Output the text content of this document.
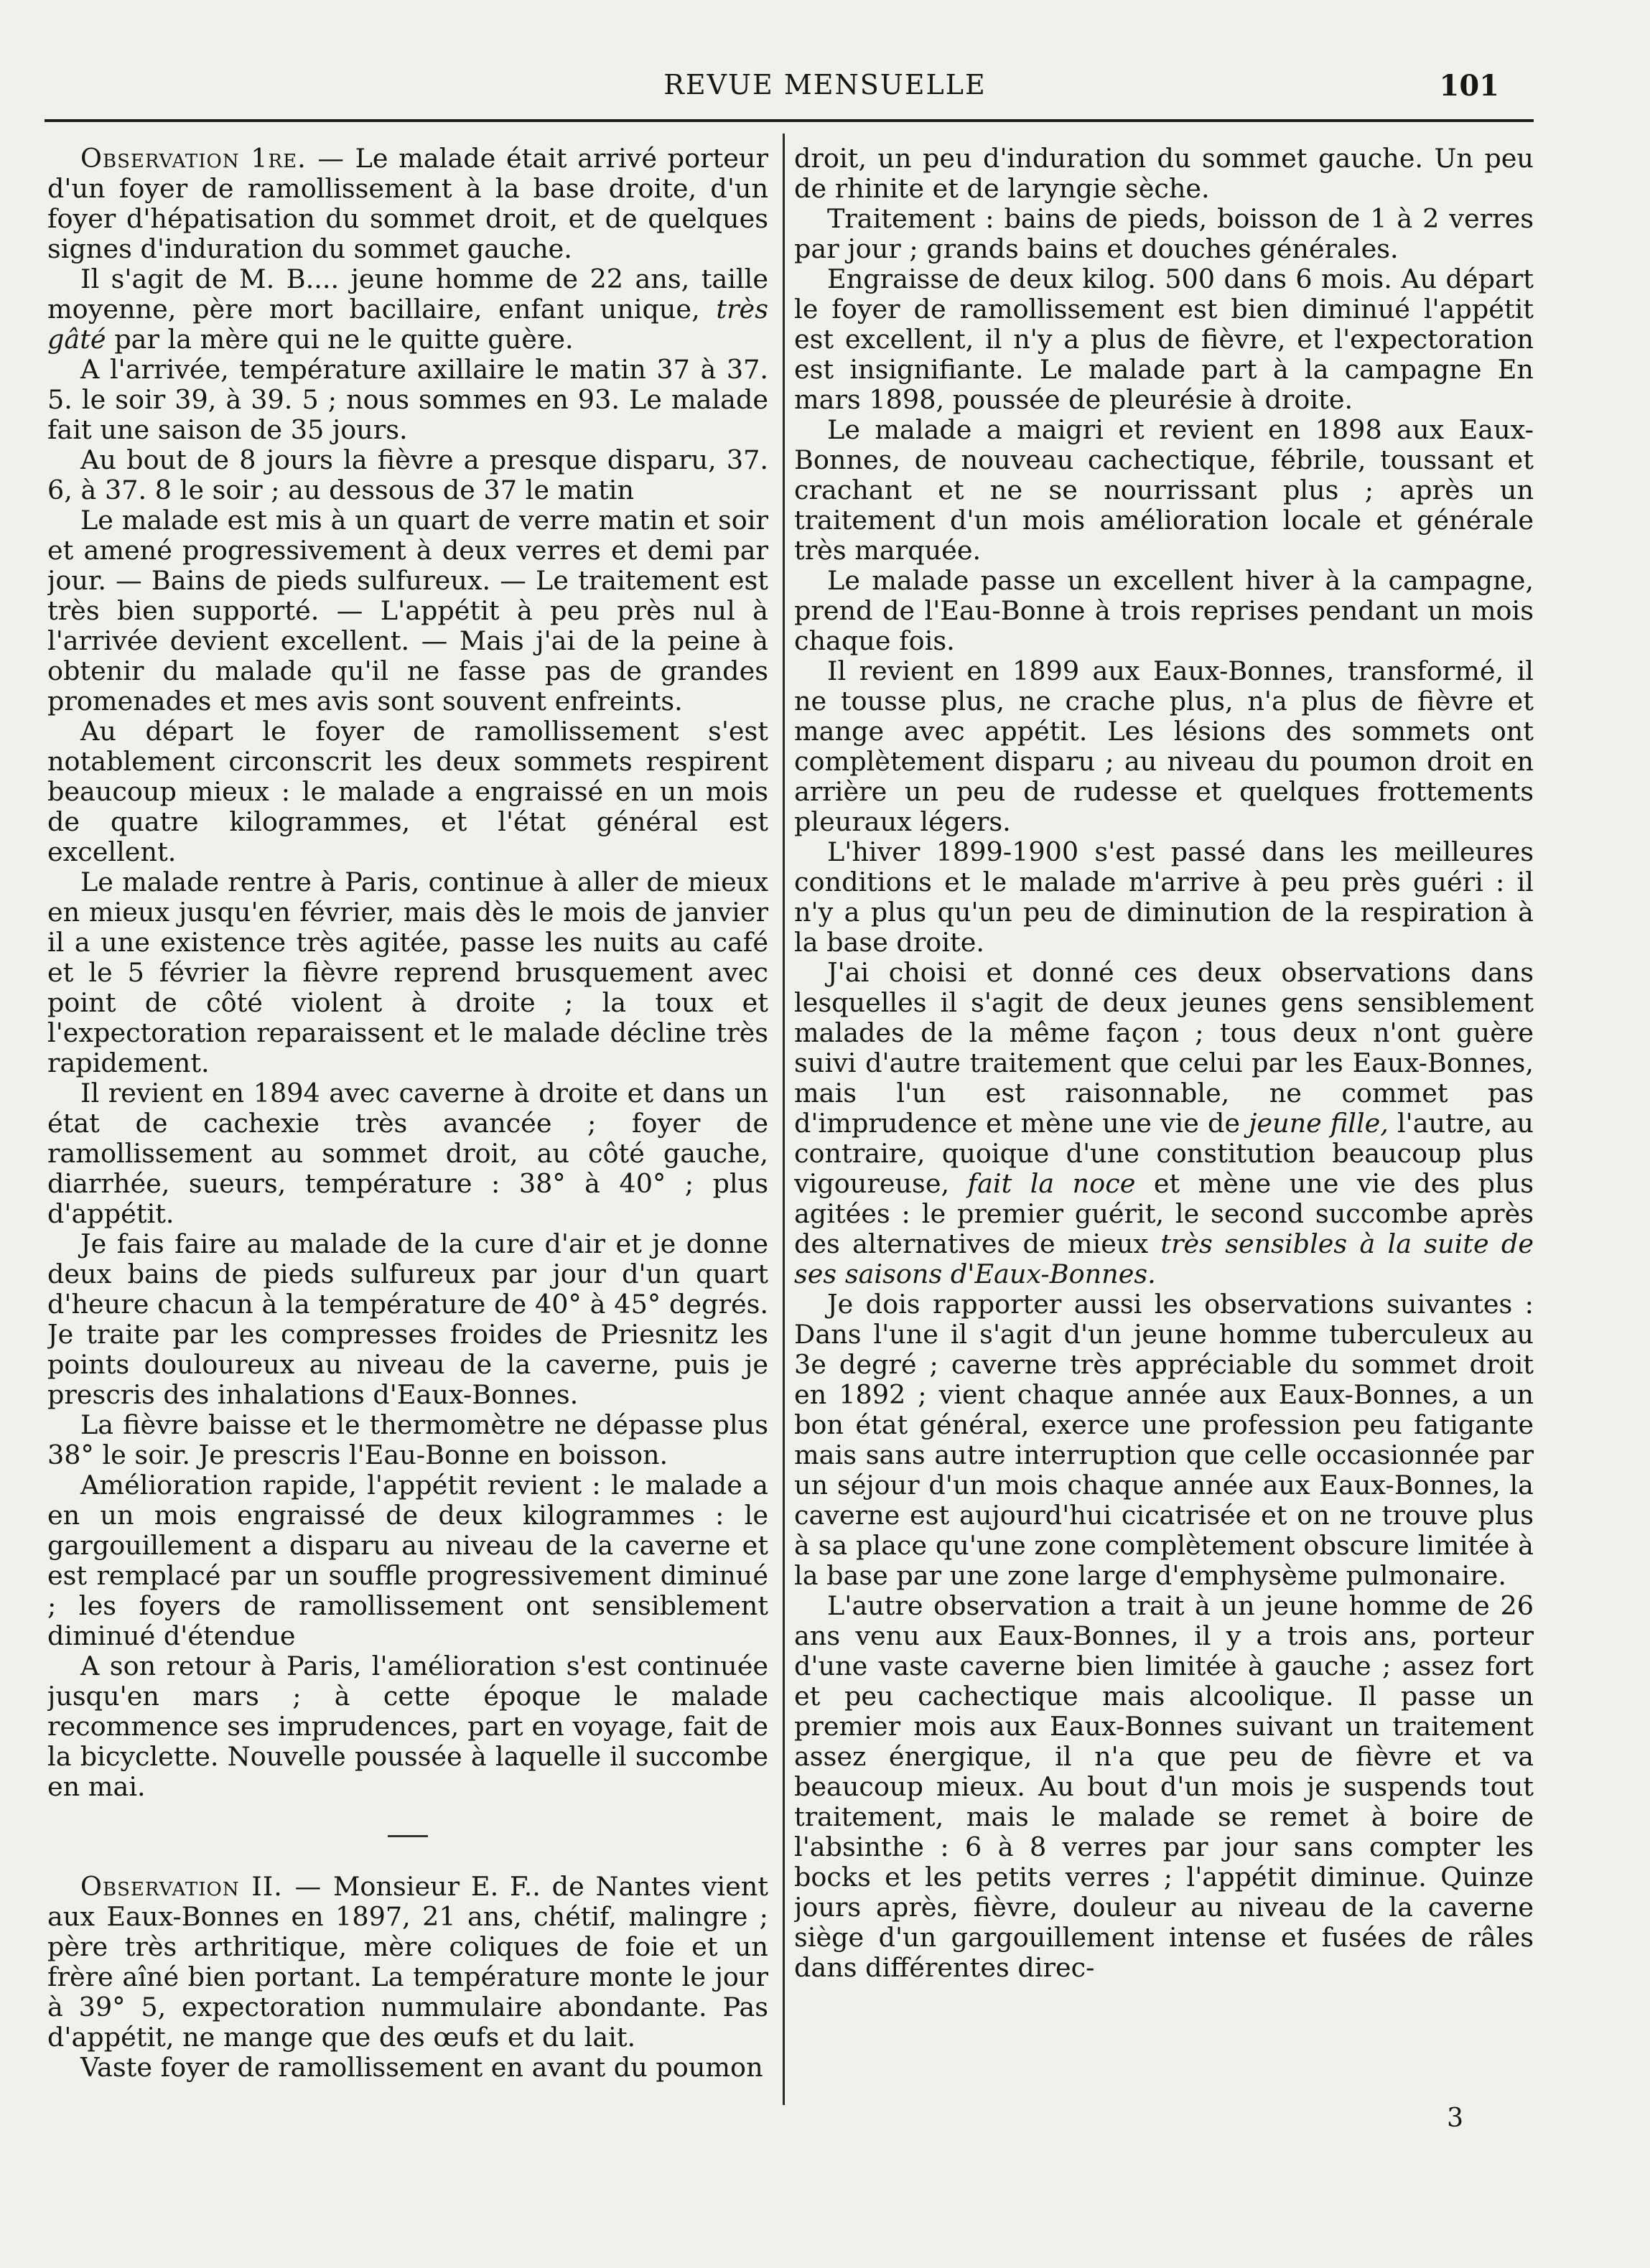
REVUE MENSUELLE	101

Observation 1re. — Le malade était arrivé porteur d'un foyer de ramollissement à la base droite, d'un foyer d'hépatisation du sommet droit, et de quelques signes d'induration du sommet gauche.

Il s'agit de M. B.... jeune homme de 22 ans, taille moyenne, père mort bacillaire, enfant unique, très gâté par la mère qui ne le quitte guère.

A l'arrivée, température axillaire le matin 37 à 37. 5. le soir 39, à 39. 5 ; nous sommes en 93. Le malade fait une saison de 35 jours.

Au bout de 8 jours la fièvre a presque disparu, 37. 6, à 37. 8 le soir ; au dessous de 37 le matin

Le malade est mis à un quart de verre matin et soir et amené progressivement à deux verres et demi par jour. — Bains de pieds sulfureux. — Le traitement est très bien supporté. — L'appétit à peu près nul à l'arrivée devient excellent. — Mais j'ai de la peine à obtenir du malade qu'il ne fasse pas de grandes promenades et mes avis sont souvent enfreints.

Au départ le foyer de ramollissement s'est notablement circonscrit les deux sommets respirent beaucoup mieux : le malade a engraissé en un mois de quatre kilogrammes, et l'état général est excellent.

Le malade rentre à Paris, continue à aller de mieux en mieux jusqu'en février, mais dès le mois de janvier il a une existence très agitée, passe les nuits au café et le 5 février la fièvre reprend brusquement avec point de côté violent à droite ; la toux et l'expectoration reparaissent et le malade décline très rapidement.

Il revient en 1894 avec caverne à droite et dans un état de cachexie très avancée ; foyer de ramollissement au sommet droit, au côté gauche, diarrhée, sueurs, température : 38° à 40° ; plus d'appétit.

Je fais faire au malade de la cure d'air et je donne deux bains de pieds sulfureux par jour d'un quart d'heure chacun à la température de 40° à 45° degrés. Je traite par les compresses froides de Priesnitz les points douloureux au niveau de la caverne, puis je prescris des inhalations d'Eaux-Bonnes.

La fièvre baisse et le thermomètre ne dépasse plus 38° le soir. Je prescris l'Eau-Bonne en boisson.

Amélioration rapide, l'appétit revient : le malade a en un mois engraissé de deux kilogrammes : le gargouillement a disparu au niveau de la caverne et est remplacé par un souffle progressivement diminué ; les foyers de ramollissement ont sensiblement diminué d'étendue

A son retour à Paris, l'amélioration s'est continuée jusqu'en mars ; à cette époque le malade recommence ses imprudences, part en voyage, fait de la bicyclette. Nouvelle poussée à laquelle il succombe en mai.

Observation II. — Monsieur E. F.. de Nantes vient aux Eaux-Bonnes en 1897, 21 ans, chétif, malingre ; père très arthritique, mère coliques de foie et un frère aîné bien portant. La température monte le jour à 39° 5, expectoration nummulaire abondante. Pas d'appétit, ne mange que des œufs et du lait.

Vaste foyer de ramollissement en avant du poumon

droit, un peu d'induration du sommet gauche. Un peu de rhinite et de laryngie sèche.

Traitement : bains de pieds, boisson de 1 à 2 verres par jour ; grands bains et douches générales.

Engraisse de deux kilog. 500 dans 6 mois. Au départ le foyer de ramollissement est bien diminué l'appétit est excellent, il n'y a plus de fièvre, et l'expectoration est insignifiante. Le malade part à la campagne En mars 1898, poussée de pleurésie à droite.

Le malade a maigri et revient en 1898 aux Eaux-Bonnes, de nouveau cachectique, fébrile, toussant et crachant et ne se nourrissant plus ; après un traitement d'un mois amélioration locale et générale très marquée.

Le malade passe un excellent hiver à la campagne, prend de l'Eau-Bonne à trois reprises pendant un mois chaque fois.

Il revient en 1899 aux Eaux-Bonnes, transformé, il ne tousse plus, ne crache plus, n'a plus de fièvre et mange avec appétit. Les lésions des sommets ont complètement disparu ; au niveau du poumon droit en arrière un peu de rudesse et quelques frottements pleuraux légers.

L'hiver 1899-1900 s'est passé dans les meilleures conditions et le malade m'arrive à peu près guéri : il n'y a plus qu'un peu de diminution de la respiration à la base droite.

J'ai choisi et donné ces deux observations dans lesquelles il s'agit de deux jeunes gens sensiblement malades de la même façon ; tous deux n'ont guère suivi d'autre traitement que celui par les Eaux-Bonnes, mais l'un est raisonnable, ne commet pas d'imprudence et mène une vie de jeune fille, l'autre, au contraire, quoique d'une constitution beaucoup plus vigoureuse, fait la noce et mène une vie des plus agitées : le premier guérit, le second succombe après des alternatives de mieux très sensibles à la suite de ses saisons d'Eaux-Bonnes.

Je dois rapporter aussi les observations suivantes : Dans l'une il s'agit d'un jeune homme tuberculeux au 3e degré ; caverne très appréciable du sommet droit en 1892 ; vient chaque année aux Eaux-Bonnes, a un bon état général, exerce une profession peu fatigante mais sans autre interruption que celle occasionnée par un séjour d'un mois chaque année aux Eaux-Bonnes, la caverne est aujourd'hui cicatrisée et on ne trouve plus à sa place qu'une zone complètement obscure limitée à la base par une zone large d'emphysème pulmonaire.

L'autre observation a trait à un jeune homme de 26 ans venu aux Eaux-Bonnes, il y a trois ans, porteur d'une vaste caverne bien limitée à gauche ; assez fort et peu cachectique mais alcoolique. Il passe un premier mois aux Eaux-Bonnes suivant un traitement assez énergique, il n'a que peu de fièvre et va beaucoup mieux. Au bout d'un mois je suspends tout traitement, mais le malade se remet à boire de l'absinthe : 6 à 8 verres par jour sans compter les bocks et les petits verres ; l'appétit diminue. Quinze jours après, fièvre, douleur au niveau de la caverne siège d'un gargouillement intense et fusées de râles dans différentes direc-

3
